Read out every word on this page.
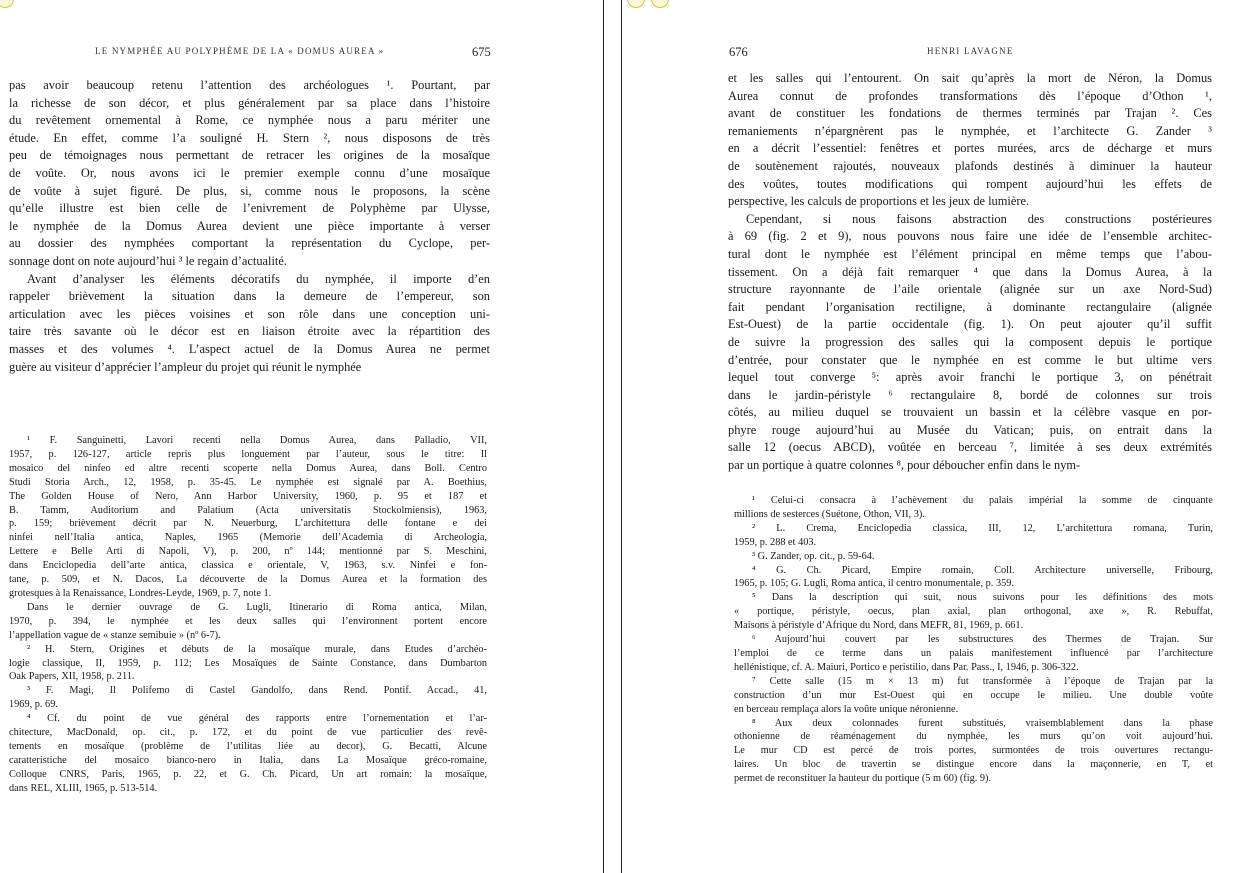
LE NYMPHÉE AU POLYPHÈME DE LA « DOMUS AUREA »	675
pas avoir beaucoup retenu l’attention des archéologues ¹. Pourtant, par
la richesse de son décor, et plus généralement par sa place dans l’histoire
du revêtement ornemental à Rome, ce nymphée nous a paru mériter une
étude. En effet, comme l’a souligné H. Stern ², nous disposons de très
peu de témoignages nous permettant de retracer les origines de la mosaïque
de voûte. Or, nous avons ici le premier exemple connu d’une mosaïque
de voûte à sujet figuré. De plus, si, comme nous le proposons, la scène
qu’elle illustre est bien celle de l’enivrement de Polyphème par Ulysse,
le nymphée de la Domus Aurea devient une pièce importante à verser
au dossier des nymphées comportant la représentation du Cyclope, per-
sonnage dont on note aujourd’hui ³ le regain d’actualité.
Avant d’analyser les éléments décoratifs du nymphée, il importe d’en
rappeler brièvement la situation dans la demeure de l’empereur, son
articulation avec les pièces voisines et son rôle dans une conception uni-
taire très savante où le décor est en liaison étroite avec la répartition des
masses et des volumes ⁴. L’aspect actuel de la Domus Aurea ne permet
guère au visiteur d’apprécier l’ampleur du projet qui réunit le nymphée
¹ F. Sanguinetti, Lavori recenti nella Domus Aurea, dans Palladio, VII,
1957, p. 126-127, article repris plus longuement par l’auteur, sous le titre: Il
mosaico del ninfeo ed altre recenti scoperte nella Domus Aurea, dans Boll. Centro
Studi Storia Arch., 12, 1958, p. 35-45. Le nymphée est signalé par A. Boethius,
The Golden House of Nero, Ann Harbor University, 1960, p. 95 et 187 et
B. Tamm, Auditorium and Palatium (Acta universitatis Stockolmiensis), 1963,
p. 159; brièvement décrit par N. Neuerburg, L’architettura delle fontane e dei
ninfei nell’Italia antica, Naples, 1965 (Memorie dell’Academia di Archeologia,
Lettere e Belle Arti di Napoli, V), p. 200, nº 144; mentionné par S. Meschini,
dans Enciclopedia dell’arte antica, classica e orientale, V, 1963, s.v. Ninfei e fon-
tane, p. 509, et N. Dacos, La découverte de la Domus Aurea et la formation des
grotesques à la Renaissance, Londres-Leyde, 1969, p. 7, note 1.
Dans le dernier ouvrage de G. Lugli, Itinerario di Roma antica, Milan,
1970, p. 394, le nymphée et les deux salles qui l’environnent portent encore
l’appellation vague de « stanze semibuie » (nº 6-7).
² H. Stern, Origines et débuts de la mosaïque murale, dans Etudes d’archéo-
logie classique, II, 1959, p. 112; Les Mosaïques de Sainte Constance, dans Dumbarton
Oak Papers, XII, 1958, p. 211.
³ F. Magi, Il Polifemo di Castel Gandolfo, dans Rend. Pontif. Accad., 41,
1969, p. 69.
⁴ Cf. du point de vue général des rapports entre l’ornementation et l’ar-
chitecture, MacDonald, op. cit., p. 172, et du point de vue particulier des revê-
tements en mosaïque (problème de l’utilitas liée au decor), G. Becatti, Alcune
caratteristiche del mosaico bianco-nero in Italia, dans La Mosaïque gréco-romaine,
Colloque CNRS, Paris, 1965, p. 22, et G. Ch. Picard, Un art romain: la mosaïque,
dans REL, XLIII, 1965, p. 513-514.
676	HENRI LAVAGNE
et les salles qui l’entourent. On sait qu’après la mort de Néron, la Domus
Aurea connut de profondes transformations dès l’époque d’Othon ¹,
avant de constituer les fondations de thermes terminés par Trajan ². Ces
remaniements n’épargnèrent pas le nymphée, et l’architecte G. Zander ³
en a décrit l’essentiel: fenêtres et portes murées, arcs de décharge et murs
de soutènement rajoutés, nouveaux plafonds destinés à diminuer la hauteur
des voûtes, toutes modifications qui rompent aujourd’hui les effets de
perspective, les calculs de proportions et les jeux de lumière.
Cependant, si nous faisons abstraction des constructions postérieures
à 69 (fig. 2 et 9), nous pouvons nous faire une idée de l’ensemble architec-
tural dont le nymphée est l’élément principal en même temps que l’abou-
tissement. On a déjà fait remarquer ⁴ que dans la Domus Aurea, à la
structure rayonnante de l’aile orientale (alignée sur un axe Nord-Sud)
fait pendant l’organisation rectiligne, à dominante rectangulaire (alignée
Est-Ouest) de la partie occidentale (fig. 1). On peut ajouter qu’il suffit
de suivre la progression des salles qui la composent depuis le portique
d’entrée, pour constater que le nymphée en est comme le but ultime vers
lequel tout converge ⁵: après avoir franchi le portique 3, on pénétrait
dans le jardin-péristyle ⁶ rectangulaire 8, bordé de colonnes sur trois
côtés, au milieu duquel se trouvaient un bassin et la célèbre vasque en por-
phyre rouge aujourd’hui au Musée du Vatican; puis, on entrait dans la
salle 12 (oecus ABCD), voûtée en berceau ⁷, limitée à ses deux extrémités
par un portique à quatre colonnes ⁸, pour déboucher enfin dans le nym-
¹ Celui-ci consacra à l’achèvement du palais impérial la somme de cinquante
millions de sesterces (Suétone, Othon, VII, 3).
² L. Crema, Enciclopedia classica, III, 12, L’architettura romana, Turin,
1959, p. 288 et 403.
³ G. Zander, op. cit., p. 59-64.
⁴ G. Ch. Picard, Empire romain, Coll. Architecture universelle, Fribourg,
1965, p. 105; G. Lugli, Roma antica, il centro monumentale, p. 359.
⁵ Dans la description qui suit, nous suivons pour les définitions des mots
« portique, péristyle, oecus, plan axial, plan orthogonal, axe », R. Rebuffat,
Maisons à péristyle d’Afrique du Nord, dans MEFR, 81, 1969, p. 661.
⁶ Aujourd’hui couvert par les substructures des Thermes de Trajan. Sur
l’emploi de ce terme dans un palais manifestement influencé par l’architecture
hellénistique, cf. A. Maiuri, Portico e peristilio, dans Par. Pass., I, 1946, p. 306-322.
⁷ Cette salle (15 m × 13 m) fut transformée à l’époque de Trajan par la
construction d’un mur Est-Ouest qui en occupe le milieu. Une double voûte
en berceau remplaça alors la voûte unique néronienne.
⁸ Aux deux colonnades furent substitués, vraisemblablement dans la phase
othonienne de réaménagement du nymphée, les murs qu’on voit aujourd’hui.
Le mur CD est percé de trois portes, surmontées de trois ouvertures rectangu-
laires. Un bloc de travertin se distingue encore dans la maçonnerie, en T, et
permet de reconstituer la hauteur du portique (5 m 60) (fig. 9).
